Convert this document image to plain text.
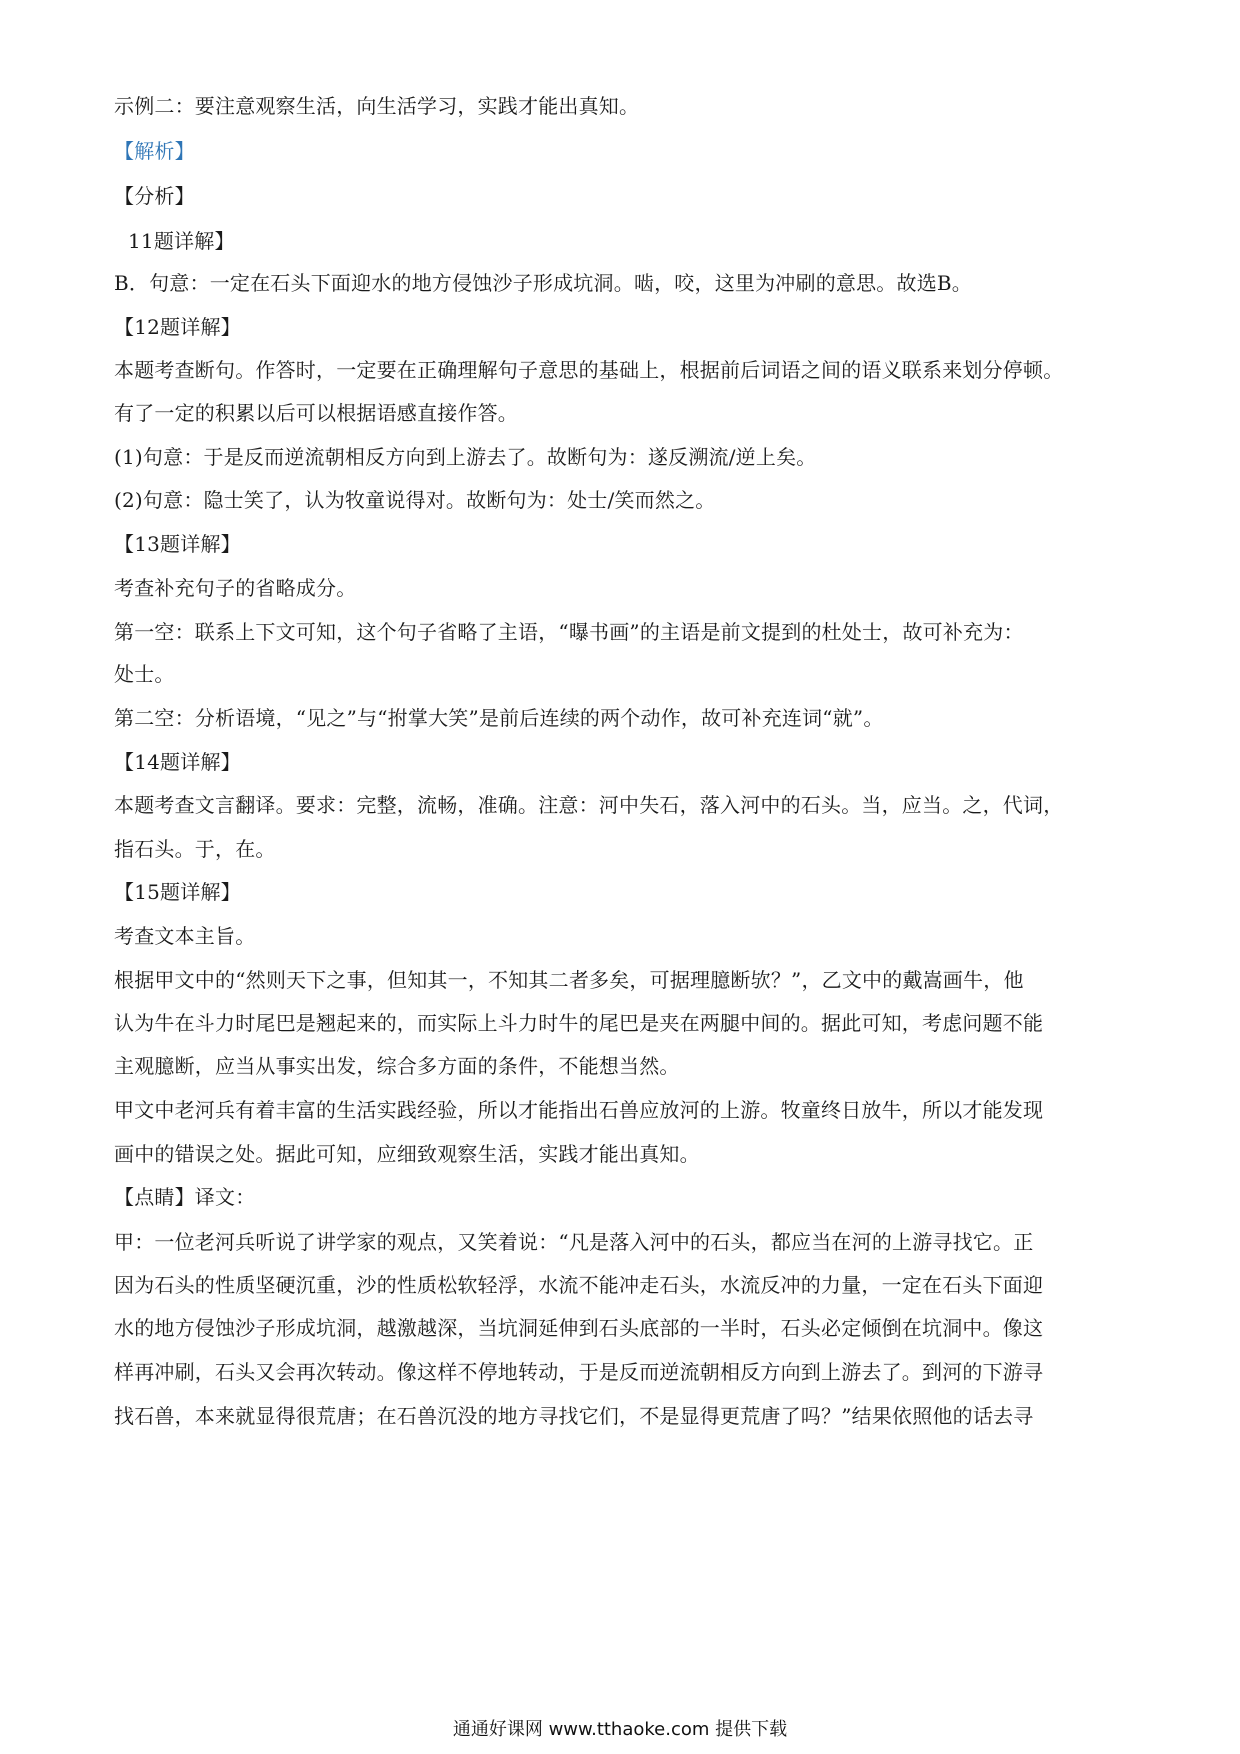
示例二：要注意观察生活，向生活学习，实践才能出真知。
【解析】
【分析】
11题详解】
B．句意：一定在石头下面迎水的地方侵蚀沙子形成坑洞。啮，咬，这里为冲刷的意思。故选B。
【12题详解】
本题考查断句。作答时，一定要在正确理解句子意思的基础上，根据前后词语之间的语义联系来划分停顿。
有了一定的积累以后可以根据语感直接作答。
(1)句意：于是反而逆流朝相反方向到上游去了。故断句为：遂反溯流/逆上矣。
(2)句意：隐士笑了，认为牧童说得对。故断句为：处士/笑而然之。
【13题详解】
考查补充句子的省略成分。
第一空：联系上下文可知，这个句子省略了主语，“曝书画”的主语是前文提到的杜处士，故可补充为：
处士。
第二空：分析语境，“见之”与“拊掌大笑”是前后连续的两个动作，故可补充连词“就”。
【14题详解】
本题考查文言翻译。要求：完整，流畅，准确。注意：河中失石，落入河中的石头。当，应当。之，代词，
指石头。于，在。
【15题详解】
考查文本主旨。
根据甲文中的“然则天下之事，但知其一，不知其二者多矣，可据理臆断欤？”，乙文中的戴嵩画牛，他
认为牛在斗力时尾巴是翘起来的，而实际上斗力时牛的尾巴是夹在两腿中间的。据此可知，考虑问题不能
主观臆断，应当从事实出发，综合多方面的条件，不能想当然。
甲文中老河兵有着丰富的生活实践经验，所以才能指出石兽应放河的上游。牧童终日放牛，所以才能发现
画中的错误之处。据此可知，应细致观察生活，实践才能出真知。
【点睛】译文：
甲：一位老河兵听说了讲学家的观点，又笑着说：“凡是落入河中的石头，都应当在河的上游寻找它。正
因为石头的性质坚硬沉重，沙的性质松软轻浮，水流不能冲走石头，水流反冲的力量，一定在石头下面迎
水的地方侵蚀沙子形成坑洞，越激越深，当坑洞延伸到石头底部的一半时，石头必定倾倒在坑洞中。像这
样再冲刷，石头又会再次转动。像这样不停地转动，于是反而逆流朝相反方向到上游去了。到河的下游寻
找石兽，本来就显得很荒唐；在石兽沉没的地方寻找它们，不是显得更荒唐了吗？”结果依照他的话去寻
通通好课网 www.tthaoke.com 提供下载
